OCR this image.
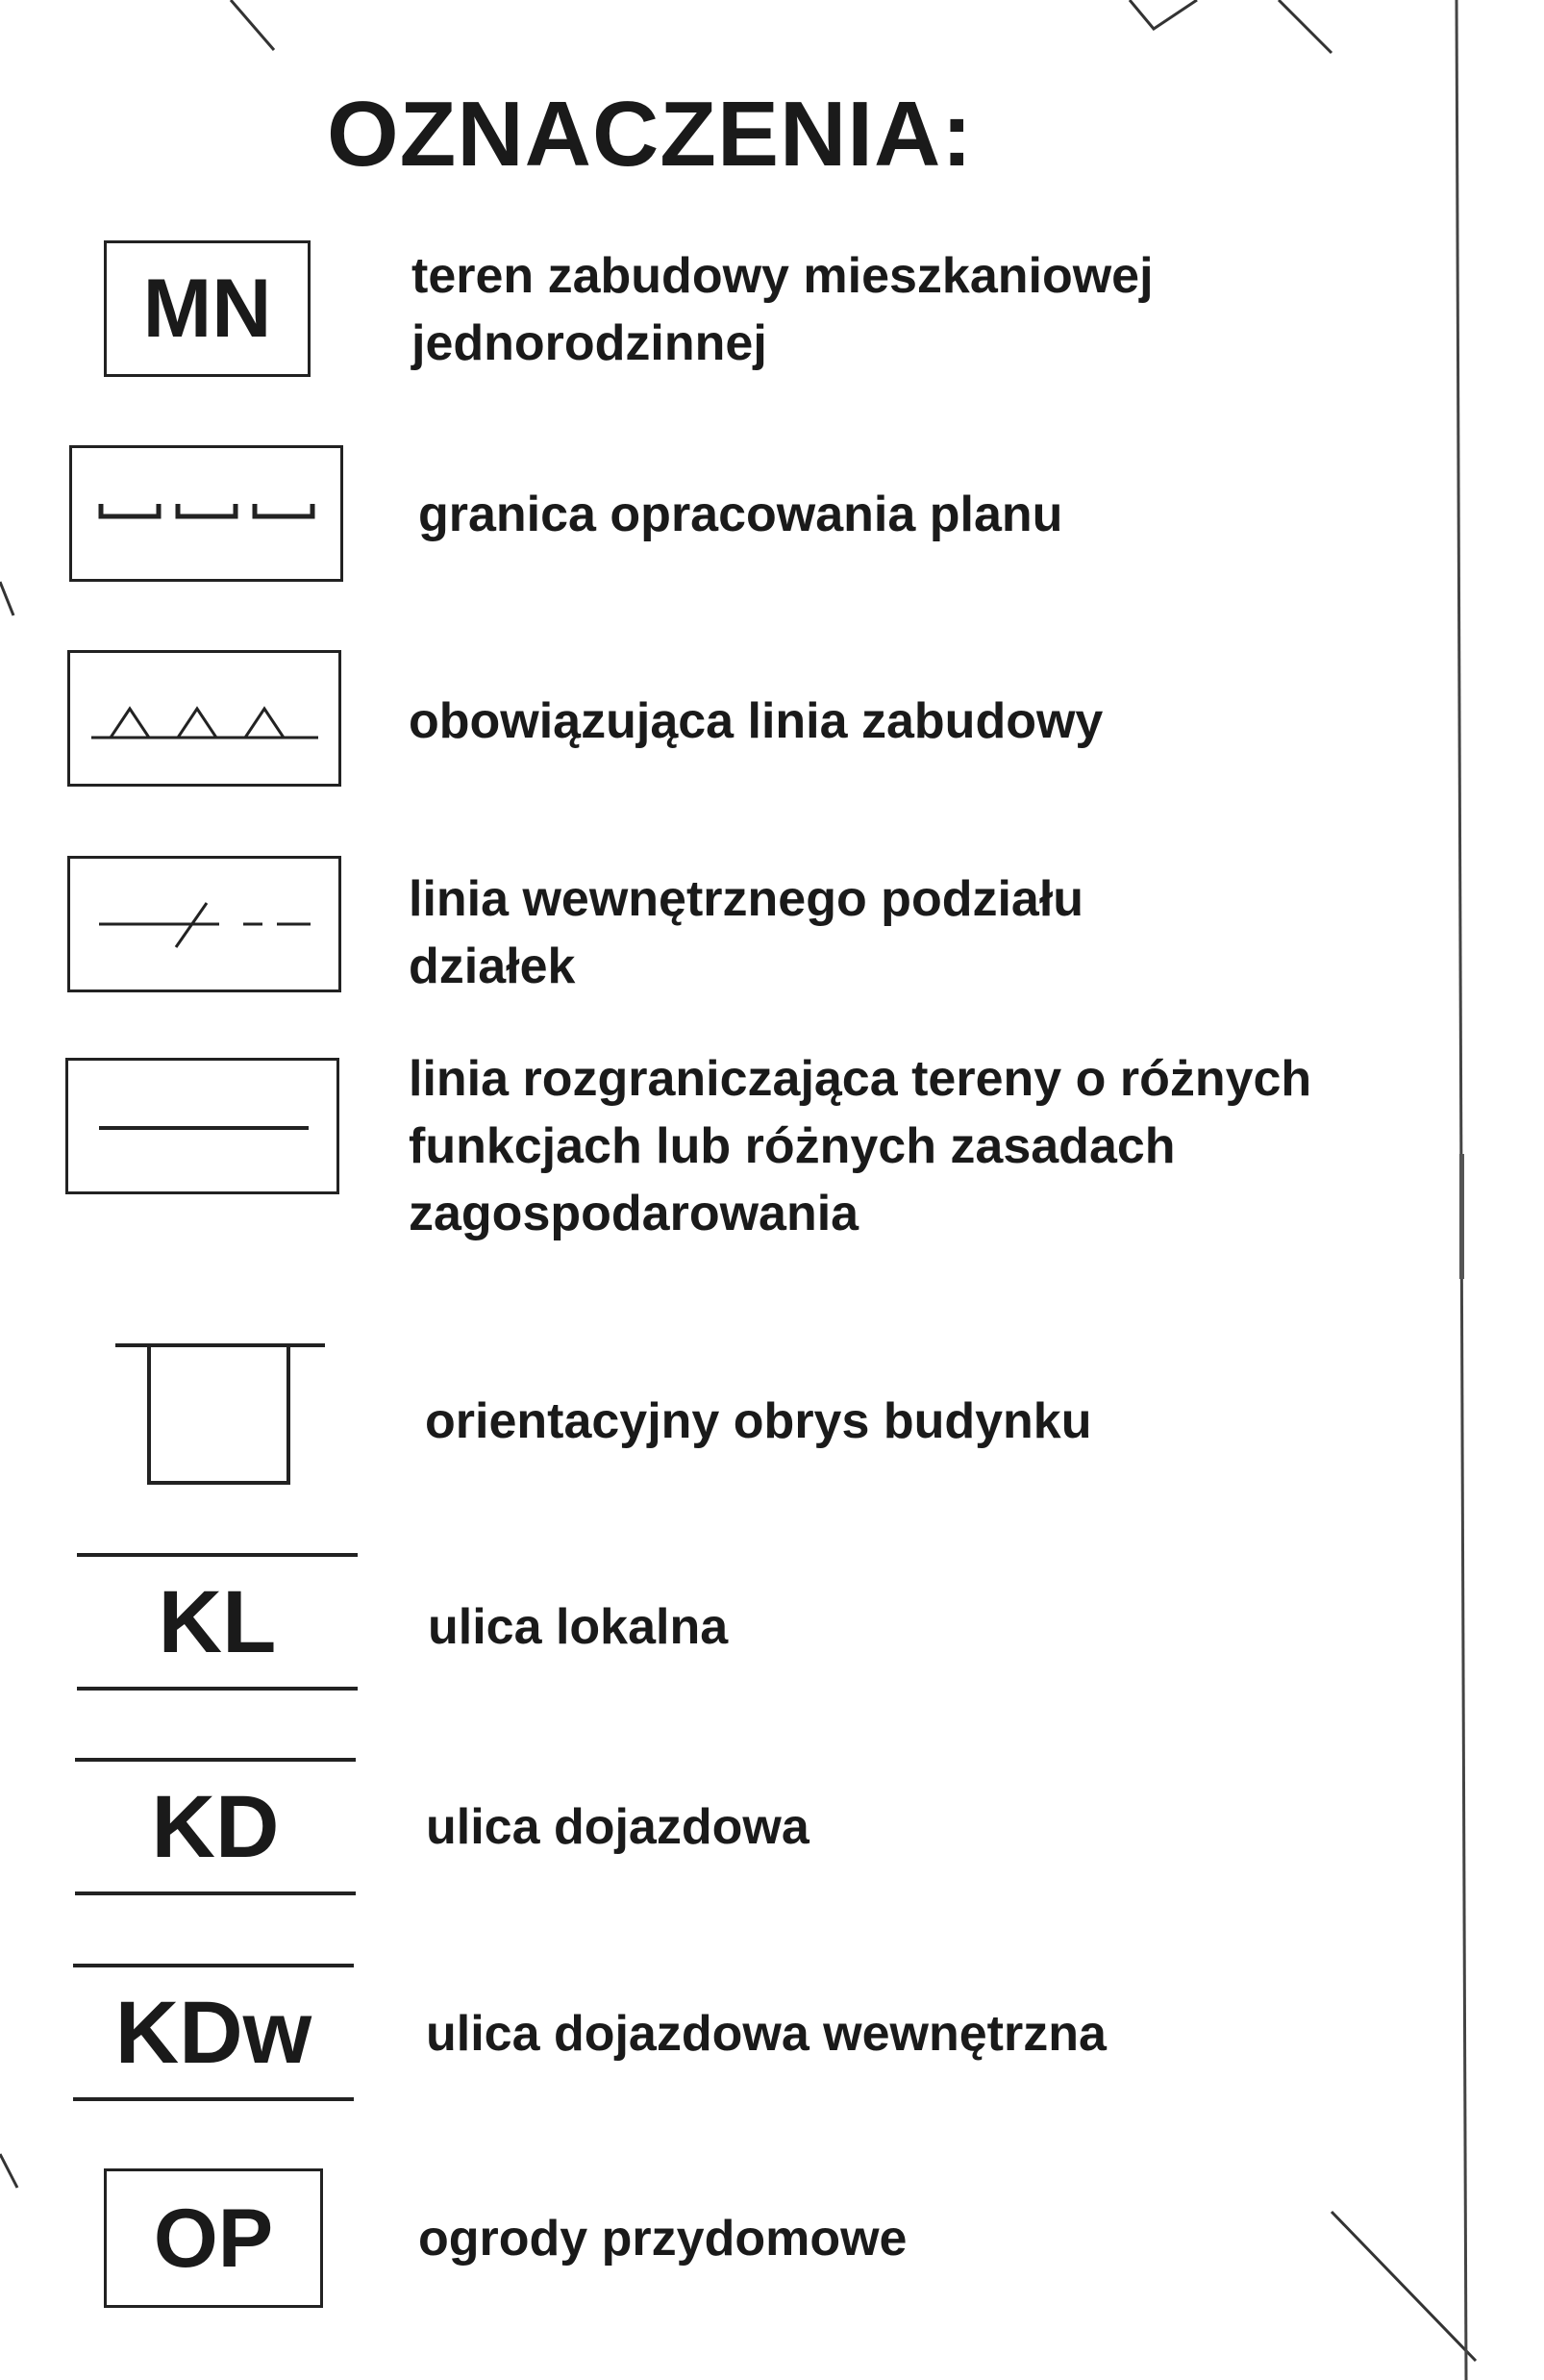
OZNACZENIA:
MN	teren zabudowy mieszkaniowej
jednorodzinnej
granica opracowania planu
obowiązująca linia zabudowy
linia wewnętrznego podziału
działek
linia rozgraniczająca tereny o różnych
funkcjach lub różnych zasadach
zagospodarowania
orientacyjny obrys budynku
KL	ulica lokalna
KD	ulica dojazdowa
KDw ulica dojazdowa wewnętrzna
OP	ogrody przydomowe
